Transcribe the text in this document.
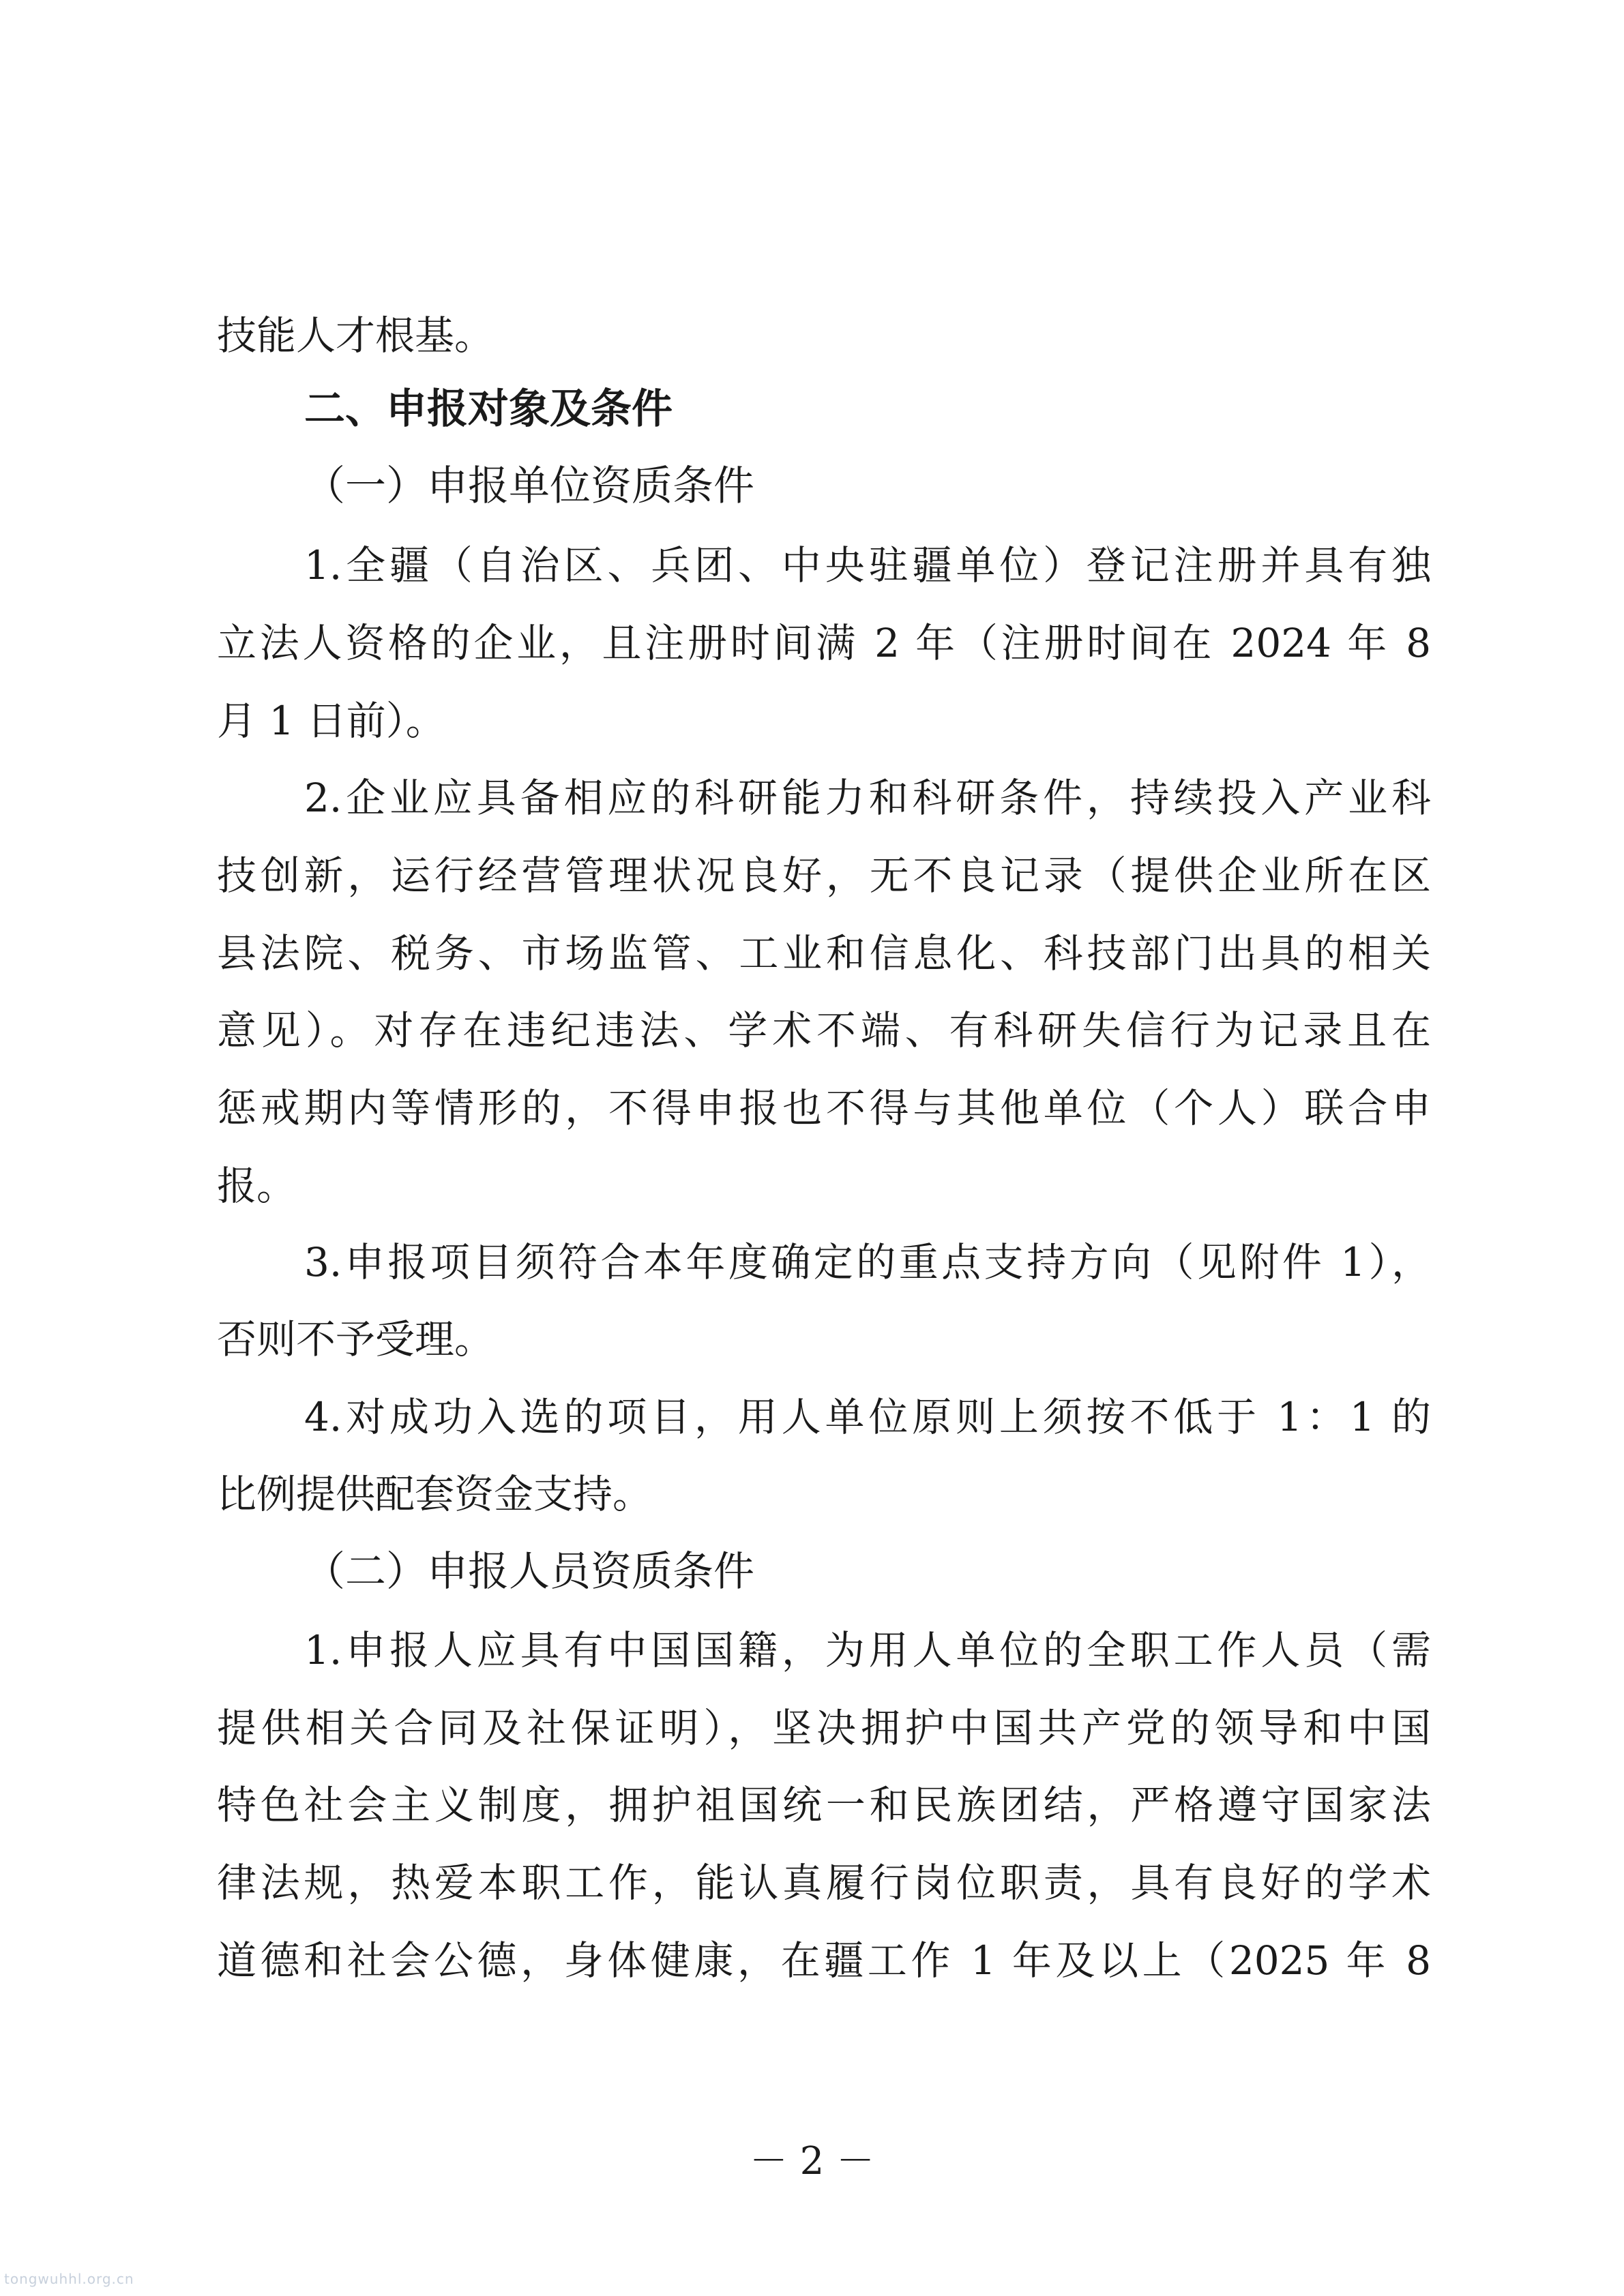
技能人才根基。
二、申报对象及条件
（一）申报单位资质条件
1.全疆（自治区、兵团、中央驻疆单位）登记注册并具有独
立法人资格的企业，且注册时间满 2 年（注册时间在 2024 年 8
月 1 日前）。
2.企业应具备相应的科研能力和科研条件，持续投入产业科
技创新，运行经营管理状况良好，无不良记录（提供企业所在区
县法院、税务、市场监管、工业和信息化、科技部门出具的相关
意见）。对存在违纪违法、学术不端、有科研失信行为记录且在
惩戒期内等情形的，不得申报也不得与其他单位（个人）联合申
报。
3.申报项目须符合本年度确定的重点支持方向（见附件 1），
否则不予受理。
4.对成功入选的项目，用人单位原则上须按不低于 1：1 的
比例提供配套资金支持。
（二）申报人员资质条件
1.申报人应具有中国国籍，为用人单位的全职工作人员（需
提供相关合同及社保证明），坚决拥护中国共产党的领导和中国
特色社会主义制度，拥护祖国统一和民族团结，严格遵守国家法
律法规，热爱本职工作，能认真履行岗位职责，具有良好的学术
道德和社会公德，身体健康，在疆工作 1 年及以上（2025 年 8
－ 2 －
tongwuhhl.org.cn
